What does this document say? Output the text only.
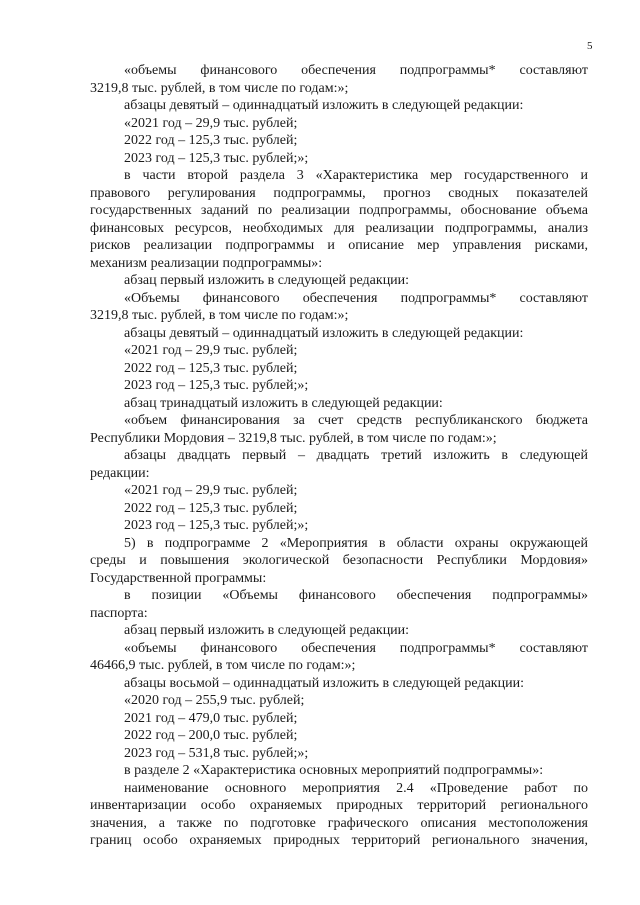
5
«объемы финансового обеспечения подпрограммы* составляют
3219,8 тыс. рублей, в том числе по годам:»;
абзацы девятый – одиннадцатый изложить в следующей редакции:
«2021 год – 29,9 тыс. рублей;
2022 год – 125,3 тыс. рублей;
2023 год – 125,3 тыс. рублей;»;
в части второй раздела 3 «Характеристика мер государственного и
правового регулирования подпрограммы, прогноз сводных показателей
государственных заданий по реализации подпрограммы, обоснование объема
финансовых ресурсов, необходимых для реализации подпрограммы, анализ
рисков реализации подпрограммы и описание мер управления рисками,
механизм реализации подпрограммы»:
абзац первый изложить в следующей редакции:
«Объемы финансового обеспечения подпрограммы* составляют
3219,8 тыс. рублей, в том числе по годам:»;
абзацы девятый – одиннадцатый изложить в следующей редакции:
«2021 год – 29,9 тыс. рублей;
2022 год – 125,3 тыс. рублей;
2023 год – 125,3 тыс. рублей;»;
абзац тринадцатый изложить в следующей редакции:
«объем финансирования за счет средств республиканского бюджета
Республики Мордовия – 3219,8 тыс. рублей, в том числе по годам:»;
абзацы двадцать первый – двадцать третий изложить в следующей
редакции:
«2021 год – 29,9 тыс. рублей;
2022 год – 125,3 тыс. рублей;
2023 год – 125,3 тыс. рублей;»;
5) в подпрограмме 2 «Мероприятия в области охраны окружающей
среды и повышения экологической безопасности Республики Мордовия»
Государственной программы:
в позиции «Объемы финансового обеспечения подпрограммы»
паспорта:
абзац первый изложить в следующей редакции:
«объемы финансового обеспечения подпрограммы* составляют
46466,9 тыс. рублей, в том числе по годам:»;
абзацы восьмой – одиннадцатый изложить в следующей редакции:
«2020 год – 255,9 тыс. рублей;
2021 год – 479,0 тыс. рублей;
2022 год – 200,0 тыс. рублей;
2023 год – 531,8 тыс. рублей;»;
в разделе 2 «Характеристика основных мероприятий подпрограммы»:
наименование основного мероприятия 2.4 «Проведение работ по
инвентаризации особо охраняемых природных территорий регионального
значения, а также по подготовке графического описания местоположения
границ особо охраняемых природных территорий регионального значения,
